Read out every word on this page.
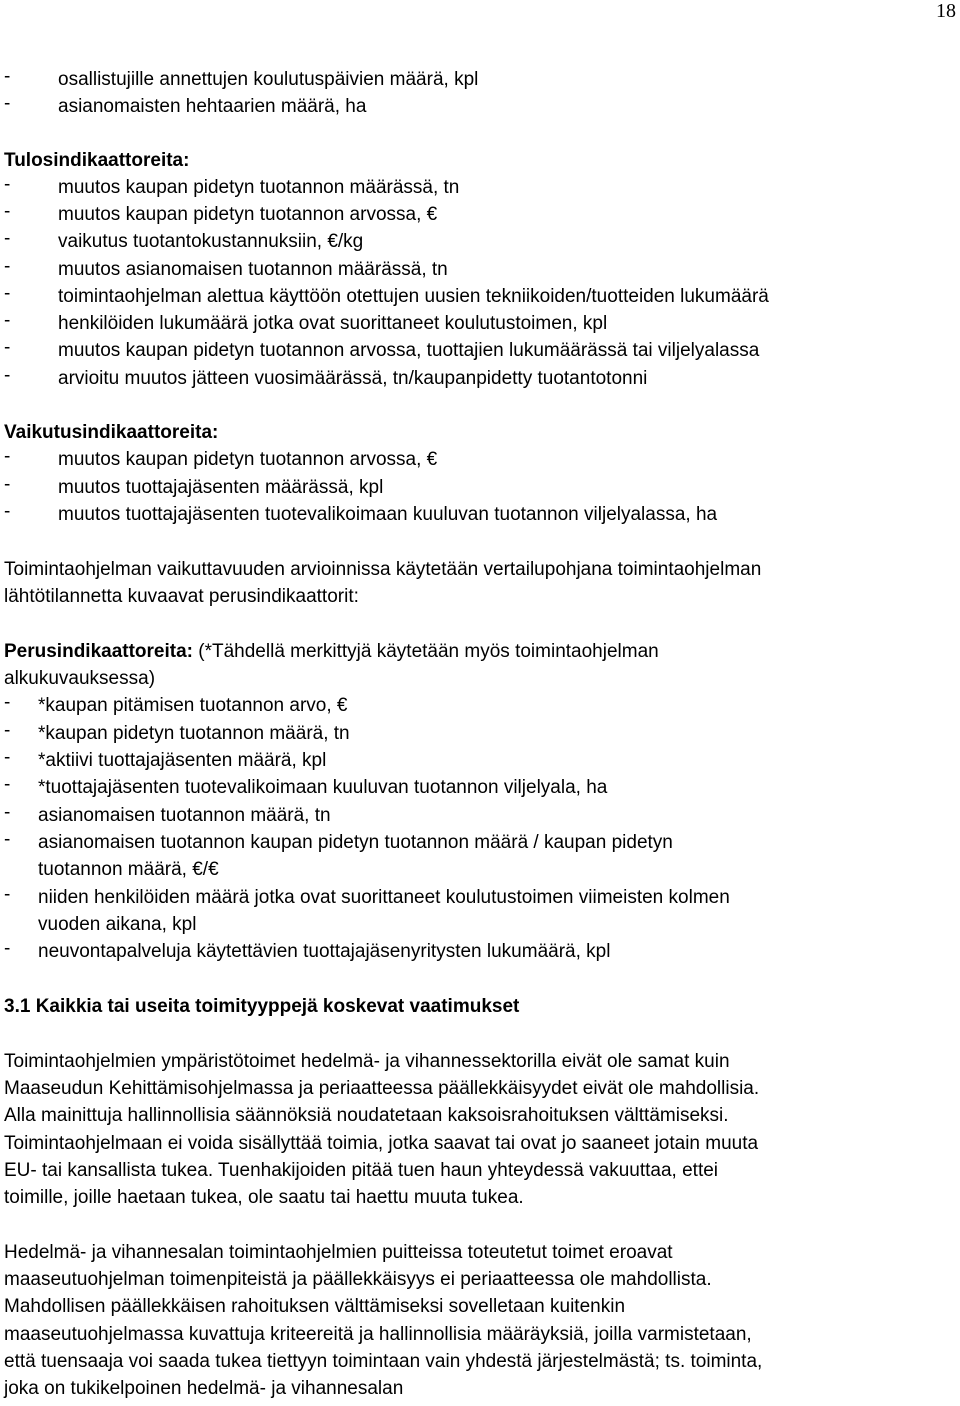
18
-	osallistujille annettujen koulutuspäivien määrä, kpl
-	asianomaisten hehtaarien määrä, ha
Tulosindikaattoreita:
-	muutos kaupan pidetyn tuotannon määrässä, tn
-	muutos kaupan pidetyn tuotannon arvossa, €
-	vaikutus tuotantokustannuksiin, €/kg
-	muutos asianomaisen tuotannon määrässä, tn
-	toimintaohjelman alettua käyttöön otettujen uusien tekniikoiden/tuotteiden lukumäärä
-	henkilöiden lukumäärä jotka ovat suorittaneet koulutustoimen, kpl
-	muutos kaupan pidetyn tuotannon arvossa, tuottajien lukumäärässä tai viljelyalassa
-	arvioitu muutos jätteen vuosimäärässä, tn/kaupanpidetty tuotantotonni
Vaikutusindikaattoreita:
-	muutos kaupan pidetyn tuotannon arvossa, €
-	muutos tuottajajäsenten määrässä, kpl
-	muutos tuottajajäsenten tuotevalikoimaan kuuluvan tuotannon viljelyalassa, ha
Toimintaohjelman vaikuttavuuden arvioinnissa käytetään vertailupohjana toimintaohjelman
lähtötilannetta kuvaavat perusindikaattorit:
Perusindikaattoreita: (*Tähdellä merkittyjä käytetään myös toimintaohjelman
alkukuvauksessa)
- *kaupan pitämisen tuotannon arvo, €
- *kaupan pidetyn tuotannon määrä, tn
- *aktiivi tuottajajäsenten määrä, kpl
- *tuottajajäsenten tuotevalikoimaan kuuluvan tuotannon viljelyala, ha
- asianomaisen tuotannon määrä, tn
- asianomaisen tuotannon kaupan pidetyn tuotannon määrä / kaupan pidetyn
tuotannon määrä, €/€
- niiden henkilöiden määrä jotka ovat suorittaneet koulutustoimen viimeisten kolmen
vuoden aikana, kpl
- neuvontapalveluja käytettävien tuottajajäsenyritysten lukumäärä, kpl
3.1 Kaikkia tai useita toimityyppejä koskevat vaatimukset
Toimintaohjelmien ympäristötoimet hedelmä- ja vihannessektorilla eivät ole samat kuin
Maaseudun Kehittämisohjelmassa ja periaatteessa päällekkäisyydet eivät ole mahdollisia.
Alla mainittuja hallinnollisia säännöksiä noudatetaan kaksoisrahoituksen välttämiseksi.
Toimintaohjelmaan ei voida sisällyttää toimia, jotka saavat tai ovat jo saaneet jotain muuta
EU- tai kansallista tukea. Tuenhakijoiden pitää tuen haun yhteydessä vakuuttaa, ettei
toimille, joille haetaan tukea, ole saatu tai haettu muuta tukea.
Hedelmä- ja vihannesalan toimintaohjelmien puitteissa toteutetut toimet eroavat
maaseutuohjelman toimenpiteistä ja päällekkäisyys ei periaatteessa ole mahdollista.
Mahdollisen päällekkäisen rahoituksen välttämiseksi sovelletaan kuitenkin
maaseutuohjelmassa kuvattuja kriteereitä ja hallinnollisia määräyksiä, joilla varmistetaan,
että tuensaaja voi saada tukea tiettyyn toimintaan vain yhdestä järjestelmästä; ts. toiminta,
joka on tukikelpoinen hedelmä- ja vihannesalan
